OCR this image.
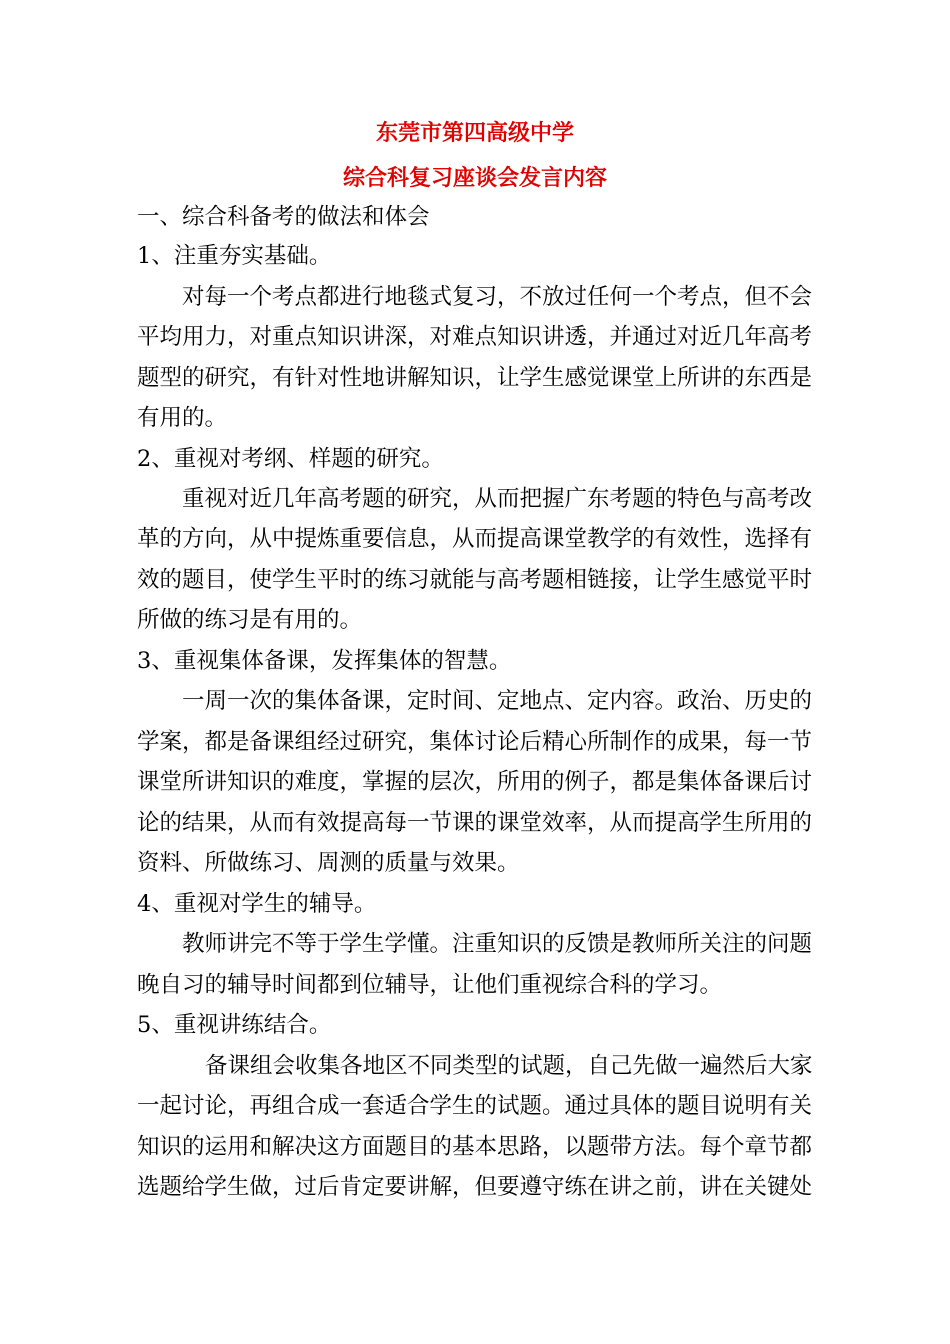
东莞市第四高级中学
综合科复习座谈会发言内容
一、综合科备考的做法和体会
1、注重夯实基础。
对每一个考点都进行地毯式复习，不放过任何一个考点，但不会
平均用力，对重点知识讲深，对难点知识讲透，并通过对近几年高考
题型的研究，有针对性地讲解知识，让学生感觉课堂上所讲的东西是
有用的。
2、重视对考纲、样题的研究。
重视对近几年高考题的研究，从而把握广东考题的特色与高考改
革的方向，从中提炼重要信息，从而提高课堂教学的有效性，选择有
效的题目，使学生平时的练习就能与高考题相链接，让学生感觉平时
所做的练习是有用的。
3、重视集体备课，发挥集体的智慧。
一周一次的集体备课，定时间、定地点、定内容。政治、历史的
学案，都是备课组经过研究，集体讨论后精心所制作的成果，每一节
课堂所讲知识的难度，掌握的层次，所用的例子，都是集体备课后讨
论的结果，从而有效提高每一节课的课堂效率，从而提高学生所用的
资料、所做练习、周测的质量与效果。
4、重视对学生的辅导。
教师讲完不等于学生学懂。注重知识的反馈是教师所关注的问题
晚自习的辅导时间都到位辅导，让他们重视综合科的学习。
5、重视讲练结合。
备课组会收集各地区不同类型的试题，自己先做一遍然后大家
一起讨论，再组合成一套适合学生的试题。通过具体的题目说明有关
知识的运用和解决这方面题目的基本思路，以题带方法。每个章节都
选题给学生做，过后肯定要讲解，但要遵守练在讲之前，讲在关键处
